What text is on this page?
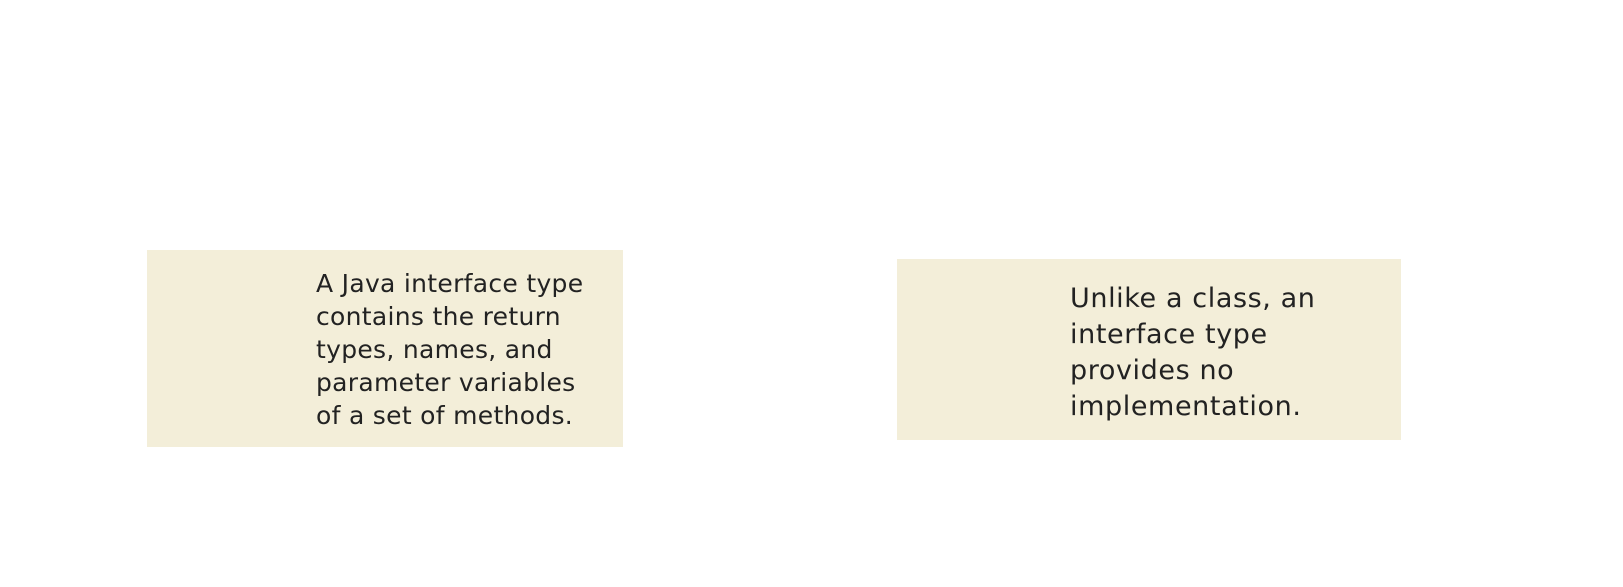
A Java interface type
contains the return
types, names, and
parameter variables
of a set of methods.

Unlike a class, an
interface type
provides no
implementation.
